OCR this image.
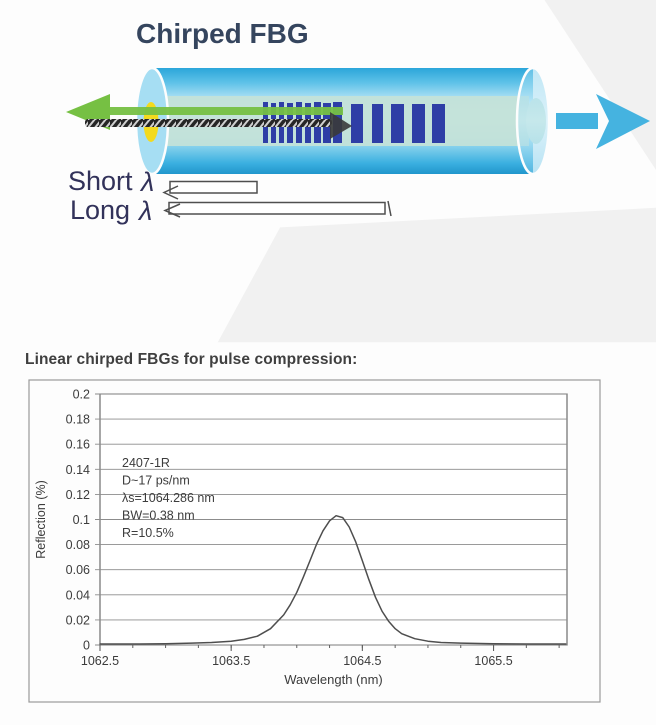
Chirped FBG
Short λ
Long λ
Linear chirped FBGs for pulse compression:
0
0.02
0.04
0.06
0.08
0.1
0.12
0.14
0.16
0.18
0.2
1062.5	1063.5	1064.5	1065.5
Wavelength (nm)
Reflection (%)
2407-1R
D~17 ps/nm
λs=1064.286 nm
BW=0.38 nm
R=10.5%
